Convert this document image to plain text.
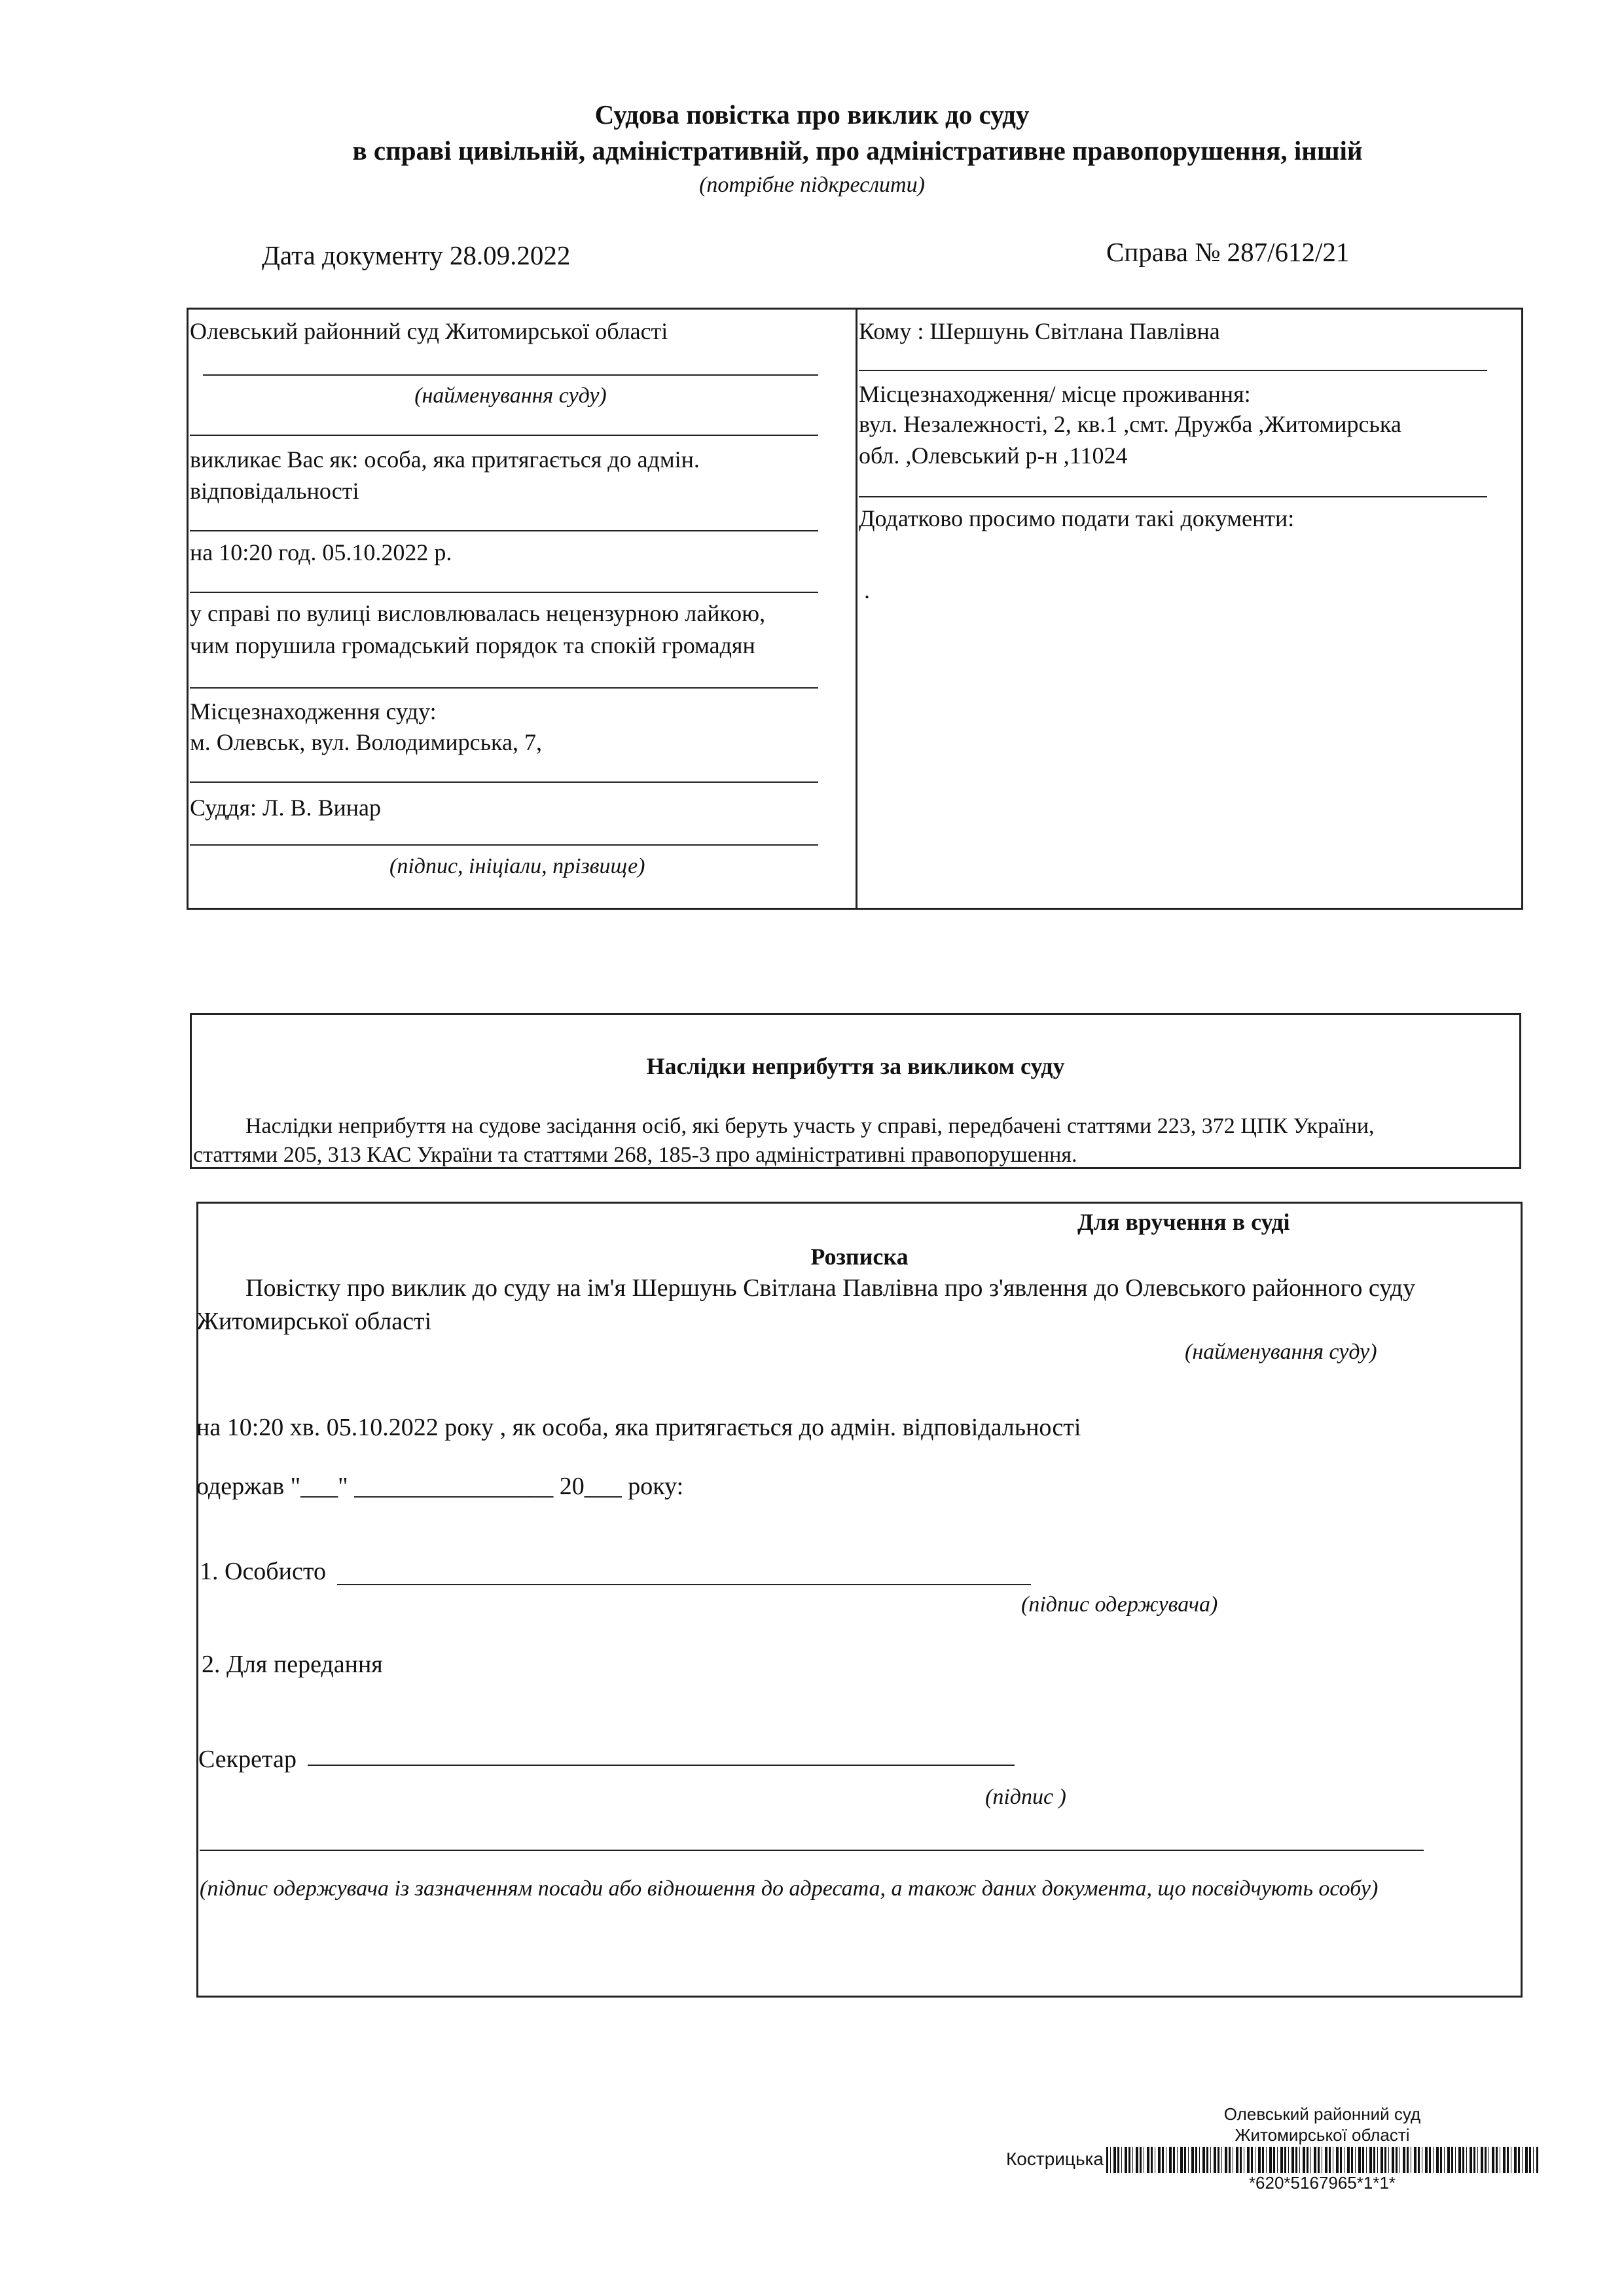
Судова повістка про виклик до суду
в справі цивільній, адміністративній, про адміністративне правопорушення, іншій
(потрібне підкреслити)
Дата документу 28.09.2022	Справа № 287/612/21
Олевський районний суд Житомирської області
(найменування суду)
викликає Вас як: особа, яка притягається до адмін.
відповідальності
на 10:20 год. 05.10.2022 р.
у справі по вулиці висловлювалась нецензурною лайкою,
чим порушила громадський порядок та спокій громадян
Місцезнаходження суду:
м. Олевськ, вул. Володимирська, 7,
Суддя: Л. В. Винар
(підпис, ініціали, прізвище)
Кому : Шершунь Світлана Павлівна
Місцезнаходження/ місце проживання:
вул. Незалежності, 2, кв.1 ,смт. Дружба ,Житомирська
обл. ,Олевський р-н ,11024
Додатково просимо подати такі документи:
.
Наслідки неприбуття за викликом суду
Наслідки неприбуття на судове засідання осіб, які беруть участь у справі, передбачені статтями 223, 372 ЦПК України,
статтями 205, 313 КАС України та статтями 268, 185-3 про адміністративні правопорушення.
Для вручення в суді
Розписка
Повістку про виклик до суду на ім'я Шершунь Світлана Павлівна про з'явлення до Олевського районного суду
Житомирської області
(найменування суду)
на 10:20 хв. 05.10.2022 року , як особа, яка притягається до адмін. відповідальності
одержав "___" ________________ 20___ року:
1. Особисто
(підпис одержувача)
2. Для передання
Секретар
(підпис )
(підпис одержувача із зазначенням посади або відношення до адресата, а також даних документа, що посвідчують особу)
Олевський районний суд
Житомирської області
Кострицька
*620*5167965*1*1*
